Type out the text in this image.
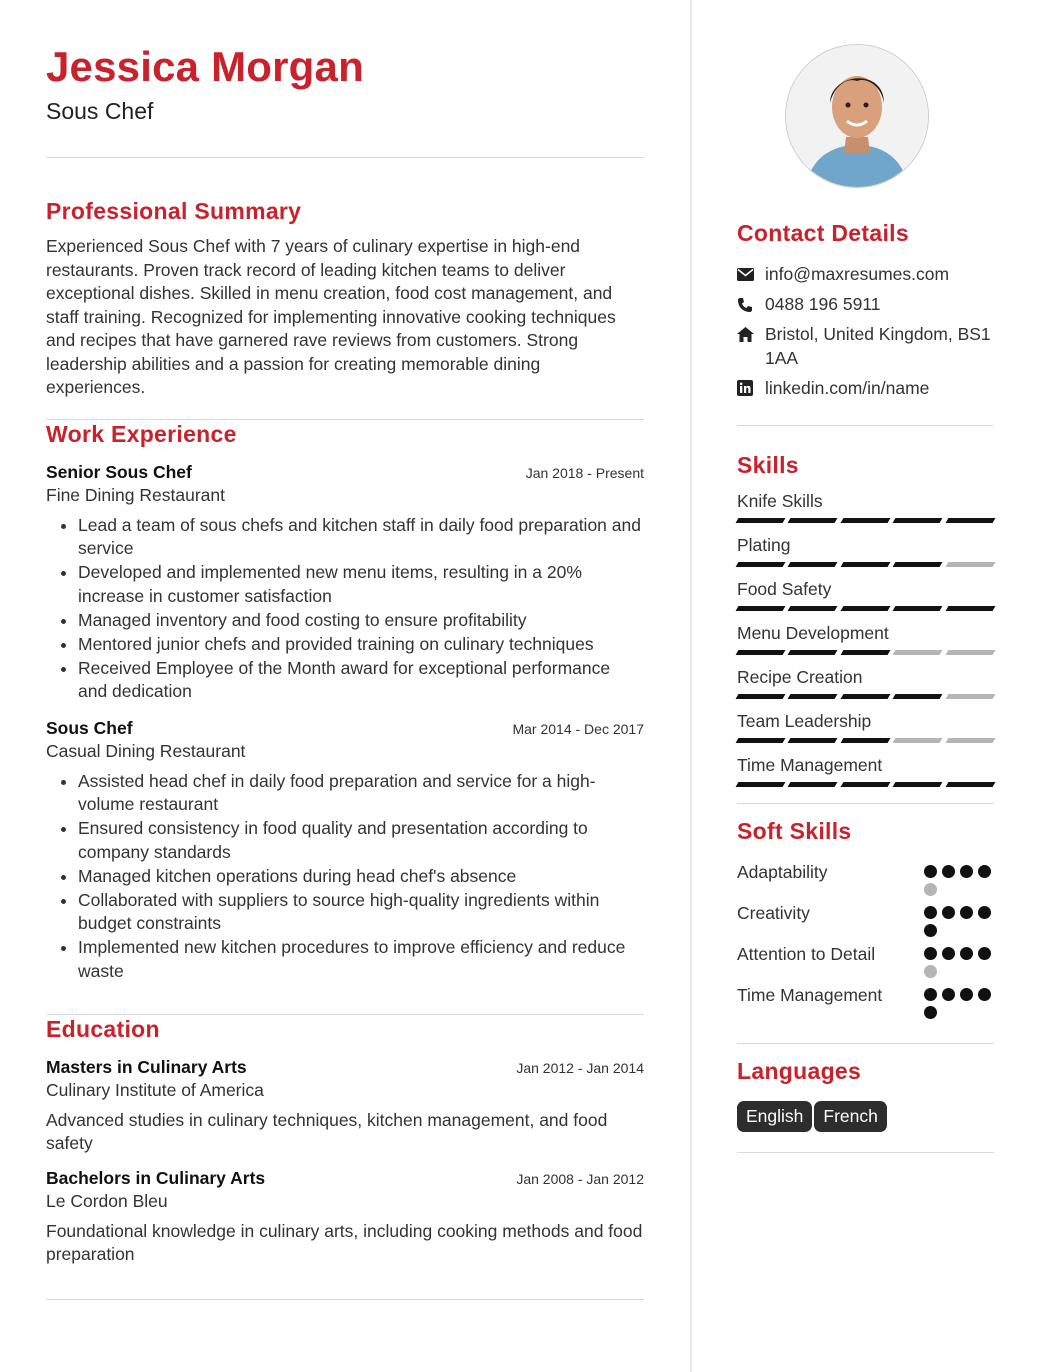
Jessica Morgan
Sous Chef
Professional Summary
Experienced Sous Chef with 7 years of culinary expertise in high-end restaurants. Proven track record of leading kitchen teams to deliver exceptional dishes. Skilled in menu creation, food cost management, and staff training. Recognized for implementing innovative cooking techniques and recipes that have garnered rave reviews from customers. Strong leadership abilities and a passion for creating memorable dining experiences.
Work Experience
Senior Sous Chef	Jan 2018 - Present
Fine Dining Restaurant
• Lead a team of sous chefs and kitchen staff in daily food preparation and service
• Developed and implemented new menu items, resulting in a 20% increase in customer satisfaction
• Managed inventory and food costing to ensure profitability
• Mentored junior chefs and provided training on culinary techniques
• Received Employee of the Month award for exceptional performance and dedication
Sous Chef	Mar 2014 - Dec 2017
Casual Dining Restaurant
• Assisted head chef in daily food preparation and service for a high-volume restaurant
• Ensured consistency in food quality and presentation according to company standards
• Managed kitchen operations during head chef's absence
• Collaborated with suppliers to source high-quality ingredients within budget constraints
• Implemented new kitchen procedures to improve efficiency and reduce waste
Education
Masters in Culinary Arts	Jan 2012 - Jan 2014
Culinary Institute of America
Advanced studies in culinary techniques, kitchen management, and food safety
Bachelors in Culinary Arts	Jan 2008 - Jan 2012
Le Cordon Bleu
Foundational knowledge in culinary arts, including cooking methods and food preparation
Contact Details
info@maxresumes.com
0488 196 5911
Bristol, United Kingdom, BS1 1AA
linkedin.com/in/name
Skills
Knife Skills
Plating
Food Safety
Menu Development
Recipe Creation
Team Leadership
Time Management
Soft Skills
Adaptability
Creativity
Attention to Detail
Time Management
Languages
English French
